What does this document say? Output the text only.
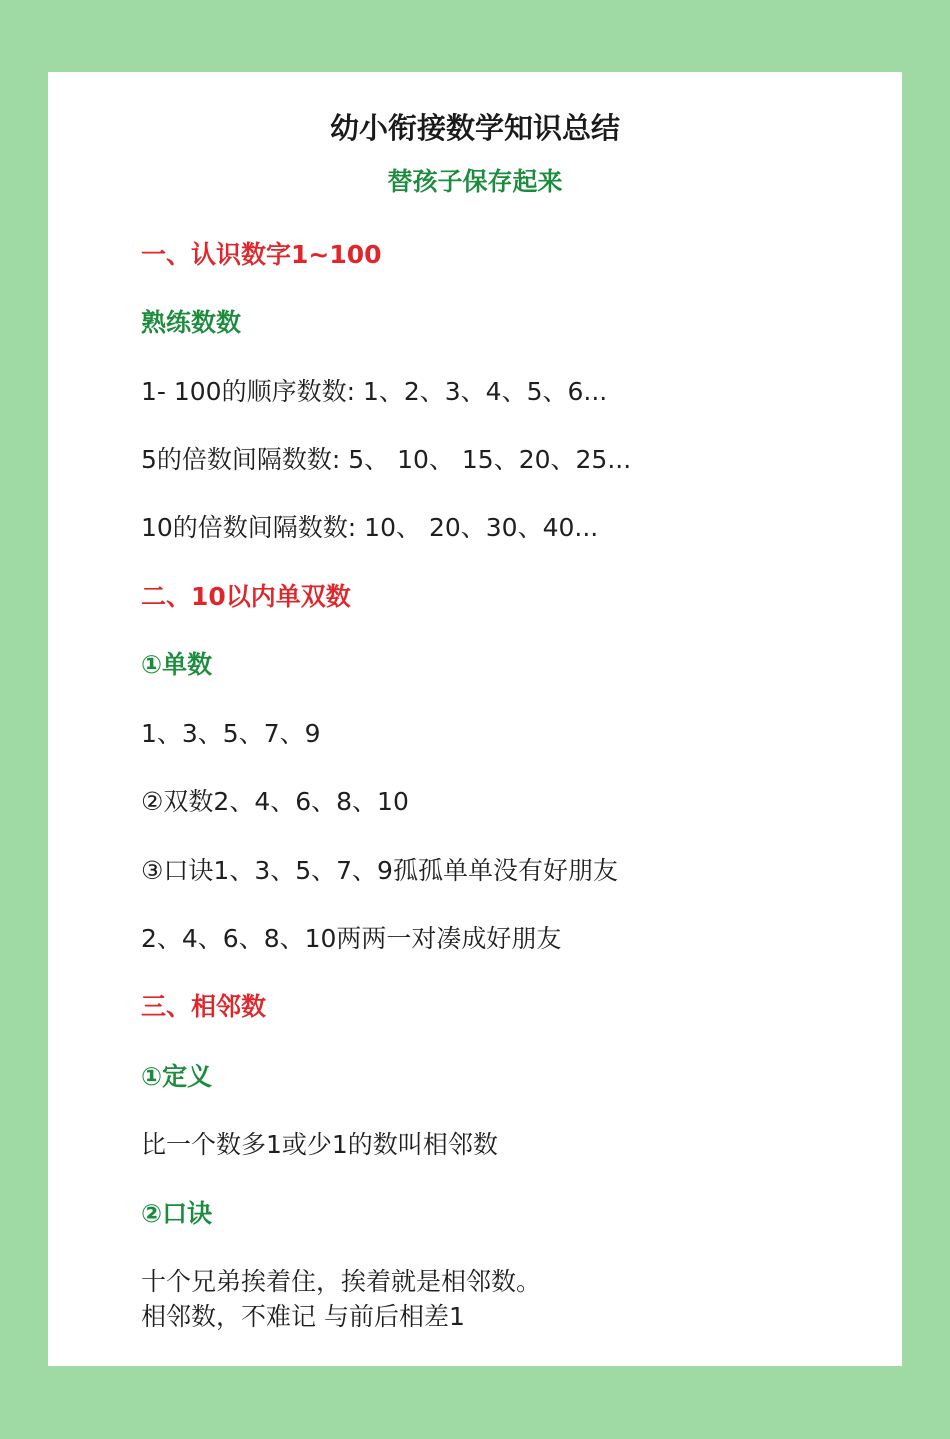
幼小衔接数学知识总结
替孩子保存起来
一、认识数字1~100
熟练数数
1- 100的顺序数数: 1、2、3、4、5、6...
5的倍数间隔数数: 5、 10、 15、20、25...
10的倍数间隔数数: 10、 20、30、40...
二、10以内单双数
①单数
1、3、5、7、9
②双数2、4、6、8、10
③口诀1、3、5、7、9孤孤单单没有好朋友
2、4、6、8、10两两一对凑成好朋友
三、相邻数
①定义
比一个数多1或少1的数叫相邻数
②口诀
十个兄弟挨着住，挨着就是相邻数。
相邻数，不难记 与前后相差1
